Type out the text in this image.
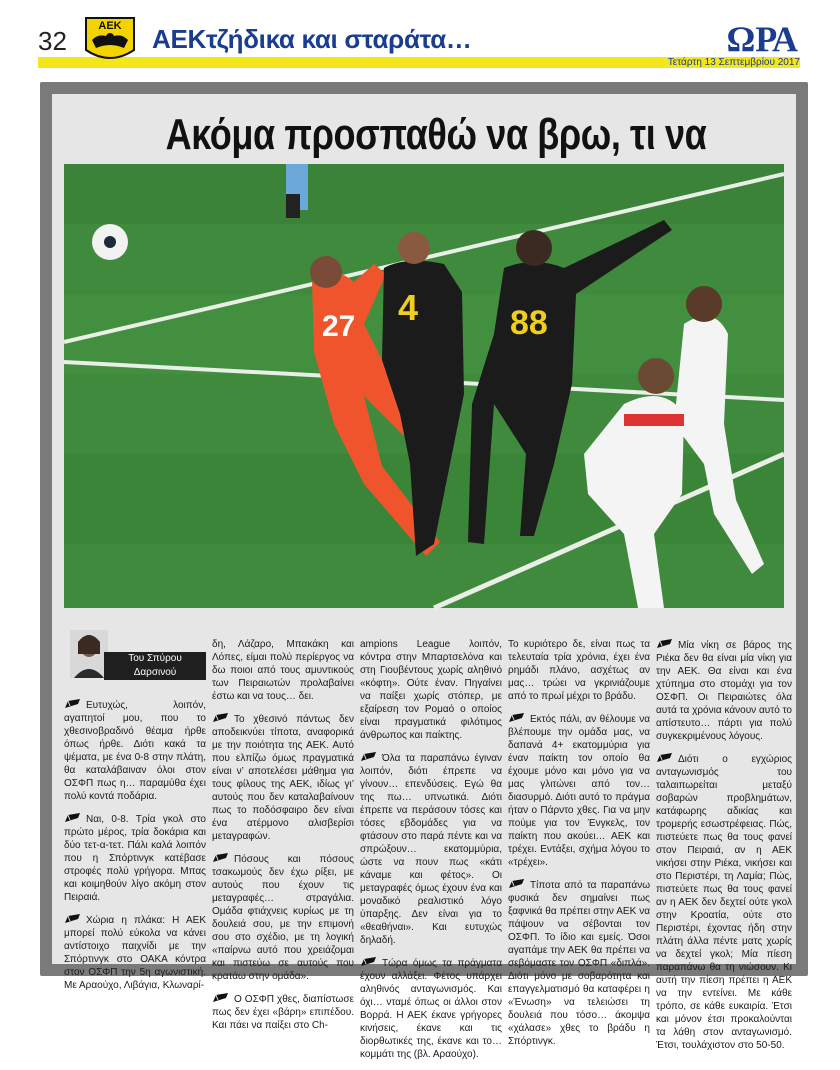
32	ΑΕΚ ΑΕΚτζήδικα και σταράτα…	ΩΡΑ
Τετάρτη 13 Σεπτεμβρίου 2017
Ακόμα προσπαθώ να βρω, τι να
27 4	88
Του Σπύρου
Δαρσινού

Ευτυχώς, λοιπόν, αγαπητοί μου, που το χθεσινοβραδινό θέαμα ήρθε όπως ήρθε. Διότι κακά τα ψέματα, με ένα 0-8 στην πλάτη, θα καταλάβαιναν όλοι στον ΟΣΦΠ πως η… παραμύθα έχει πολύ κοντά ποδάρια.

Ναι, 0-8. Τρία γκολ στο πρώτο μέρος, τρία δοκάρια και δύο τετ-α-τετ. Πάλι καλά λοιπόν που η Σπόρτινγκ κατέβασε στροφές πολύ γρήγορα. Μπας και κοιμηθούν λίγο ακόμη στον Πειραιά.

Χώρια η πλάκα: Η ΑΕΚ μπορεί πολύ εύκολα να κάνει αντίστοιχο παιχνίδι με την Σπόρτινγκ στο ΟΑΚΑ κόντρα στον ΟΣΦΠ την 5η αγωνιστική. Με Αραούχο, Λιβάγια, Κλωναρί-

δη, Λάζαρο, Μπακάκη και Λόπες, είμαι πολύ περίεργος να δω ποιοι από τους αμυντικούς των Πειραιωτών προλαβαίνει έστω και να τους… δει.

Το χθεσινό πάντως δεν αποδεικνύει τίποτα, αναφορικά με την ποιότητα της ΑΕΚ. Αυτό που ελπίζω όμως πραγματικά είναι ν’ αποτελέσει μάθημα για τους φίλους της ΑΕΚ, ιδίως γι’ αυτούς που δεν καταλαβαίνουν πως το ποδόσφαιρο δεν είναι ένα ατέρμονο αλισβερίσι μεταγραφών.

Πόσους και πόσους τσακωμούς δεν έχω ρίξει, με αυτούς που έχουν τις μεταγραφές… στραγάλια. Ομάδα φτιάχνεις κυρίως με τη δουλειά σου, με την επιμονή σου στο σχέδιο, με τη λογική «παίρνω αυτό που χρειάζομαι και πιστεύω σε αυτούς που κρατάω στην ομάδα».

Ο ΟΣΦΠ χθες, διαπίστωσε πως δεν έχει «βάρη» επιπέδου. Και πάει να παίξει στο Ch-

ampions League λοιπόν, κόντρα στην Μπαρτσελόνα και στη Γιουβέντους χωρίς αληθινό «κόφτη». Ούτε έναν. Πηγαίνει να παίξει χωρίς στόπερ, με εξαίρεση τον Ρομαό ο οποίος είναι πραγματικά φιλότιμος άνθρωπος και παίκτης.

Όλα τα παραπάνω έγιναν λοιπόν, διότι έπρεπε να γίνουν… επενδύσεις. Εγώ θα της πω… υπνωτικά. Διότι έπρεπε να περάσουν τόσες και τόσες εβδομάδες για να φτάσουν στο παρά πέντε και να σπρώξουν… εκατομμύρια, ώστε να πουν πως «κάτι κάναμε και φέτος». Οι μεταγραφές όμως έχουν ένα και μοναδικό ρεαλιστικό λόγο ύπαρξης. Δεν είναι για το «θεαθήναι». Και ευτυχώς δηλαδή.

Τώρα όμως τα πράγματα έχουν αλλάξει. Φέτος υπάρχει αληθινός ανταγωνισμός. Και όχι… νταμέ όπως οι άλλοι στον Βορρά. Η ΑΕΚ έκανε γρήγορες κινήσεις, έκανε και τις διορθωτικές της, έκανε και το… κομμάτι της (βλ. Αραούχο).

Το κυριότερο δε, είναι πως τα τελευταία τρία χρόνια, έχει ένα ρημάδι πλάνο, ασχέτως αν μας… τρώει να γκρινιάζουμε από το πρωί μέχρι το βράδυ.

Εκτός πάλι, αν θέλουμε να βλέπουμε την ομάδα μας, να δαπανά 4+ εκατομμύρια για έναν παίκτη τον οποίο θα έχουμε μόνο και μόνο για να μας γλιτώνει από τον… διασυρμό. Διότι αυτό το πράγμα ήταν ο Πάρντο χθες. Για να μην πούμε για τον Ένγκελς, τον παίκτη που ακούει… ΑΕΚ και τρέχει. Εντάξει, σχήμα λόγου το «τρέχει».

Τίποτα από τα παραπάνω φυσικά δεν σημαίνει πως ξαφνικά θα πρέπει στην ΑΕΚ να πάψουν να σέβονται τον ΟΣΦΠ. Το ίδιο και εμείς. Όσοι αγαπάμε την ΑΕΚ θα πρέπει να σεβόμαστε τον ΟΣΦΠ «διπλά». Διότι μόνο με σοβαρότητα και επαγγελματισμό θα καταφέρει η «Ένωση» να τελειώσει τη δουλειά που τόσο… άκομψα «χάλασε» χθες το βράδυ η Σπόρτινγκ.

Μία νίκη σε βάρος της Ριέκα δεν θα είναι μία νίκη για την ΑΕΚ. Θα είναι και ένα χτύπημα στο στομάχι για τον ΟΣΦΠ. Οι Πειραιώτες όλα αυτά τα χρόνια κάνουν αυτό το απίστευτο… πάρτι για πολύ συγκεκριμένους λόγους.

Διότι ο εγχώριος ανταγωνισμός του ταλαιπωρείται μεταξύ σοβαρών προβλημάτων, κατάφωρης αδικίας και τρομερής εσωστρέφειας. Πώς, πιστεύετε πως θα τους φανεί στον Πειραιά, αν η ΑΕΚ νικήσει στην Ριέκα, νικήσει και στο Περιστέρι, τη Λαμία; Πώς, πιστεύετε πως θα τους φανεί αν η ΑΕΚ δεν δεχτεί ούτε γκολ στην Κροατία, ούτε στο Περιστέρι, έχοντας ήδη στην πλάτη άλλα πέντε ματς χωρίς να δεχτεί γκολ; Μία πίεση παραπάνω θα τη νιώσουν. Κι αυτή την πίεση πρέπει η ΑΕΚ να την εντείνει. Με κάθε τρόπο, σε κάθε ευκαιρία. Έτσι και μόνον έτσι προκαλούνται τα λάθη στον ανταγωνισμό. Έτσι, τουλάχιστον στο 50-50.
